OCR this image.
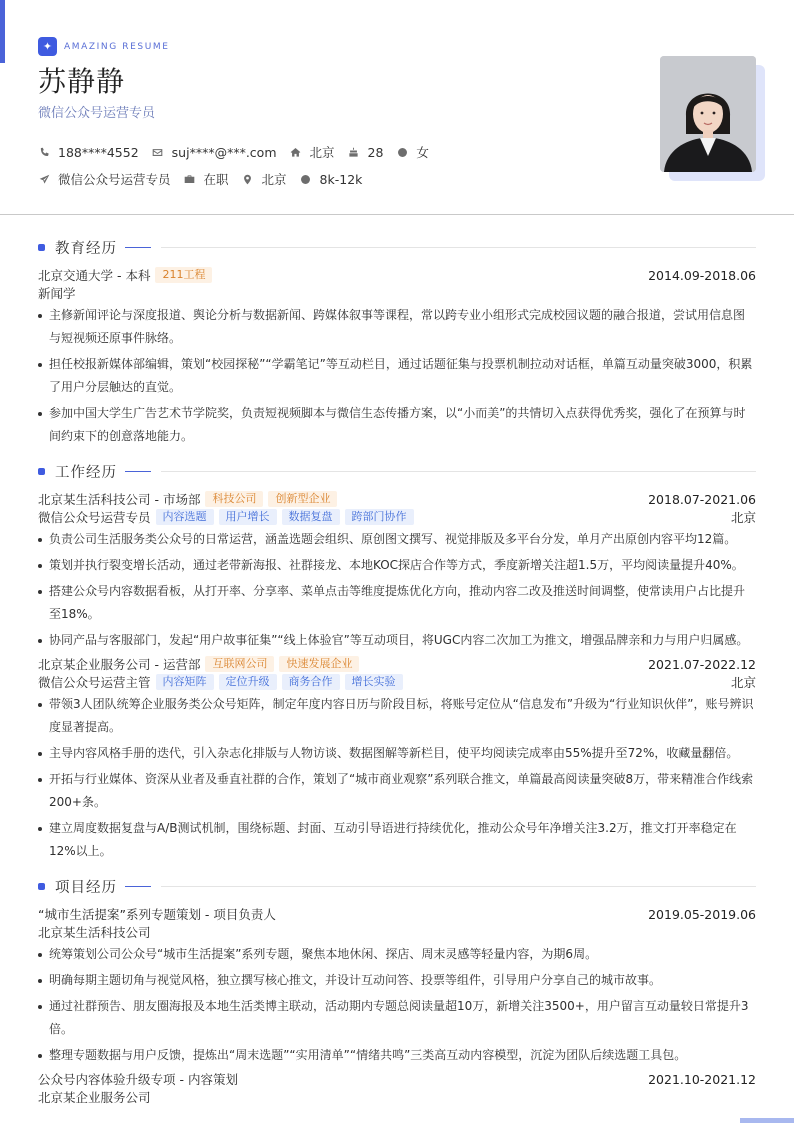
✦	AMAZING RESUME
苏静静
微信公众号运营专员
188****4552	suj****@***.com	北京	28	女
微信公众号运营专员	在职	北京	8k-12k
教育经历
北京交通大学 - 本科	211工程	2014.09-2018.06
新闻学
主修新闻评论与深度报道、舆论分析与数据新闻、跨媒体叙事等课程，常以跨专业小组形式完成校园议题的融合报道，尝试用信息图与短视频还原事件脉络。
担任校报新媒体部编辑，策划“校园探秘”“学霸笔记”等互动栏目，通过话题征集与投票机制拉动对话框，单篇互动量突破3000，积累了用户分层触达的直觉。
参加中国大学生广告艺术节学院奖，负责短视频脚本与微信生态传播方案，以“小而美”的共情切入点获得优秀奖，强化了在预算与时间约束下的创意落地能力。
工作经历
北京某生活科技公司 - 市场部	科技公司	创新型企业	2018.07-2021.06
微信公众号运营专员	内容选题	用户增长	数据复盘	跨部门协作	北京
负责公司生活服务类公众号的日常运营，涵盖选题会组织、原创图文撰写、视觉排版及多平台分发，单月产出原创内容平均12篇。
策划并执行裂变增长活动，通过老带新海报、社群接龙、本地KOC探店合作等方式，季度新增关注超1.5万，平均阅读量提升40%。
搭建公众号内容数据看板，从打开率、分享率、菜单点击等维度提炼优化方向，推动内容二改及推送时间调整，使常读用户占比提升至18%。
协同产品与客服部门，发起“用户故事征集”“线上体验官”等互动项目，将UGC内容二次加工为推文，增强品牌亲和力与用户归属感。
北京某企业服务公司 - 运营部	互联网公司	快速发展企业	2021.07-2022.12
微信公众号运营主管	内容矩阵	定位升级	商务合作	增长实验	北京
带领3人团队统筹企业服务类公众号矩阵，制定年度内容日历与阶段目标，将账号定位从“信息发布”升级为“行业知识伙伴”，账号辨识度显著提高。
主导内容风格手册的迭代，引入杂志化排版与人物访谈、数据图解等新栏目，使平均阅读完成率由55%提升至72%，收藏量翻倍。
开拓与行业媒体、资深从业者及垂直社群的合作，策划了“城市商业观察”系列联合推文，单篇最高阅读量突破8万，带来精准合作线索200+条。
建立周度数据复盘与A/B测试机制，围绕标题、封面、互动引导语进行持续优化，推动公众号年净增关注3.2万，推文打开率稳定在12%以上。
项目经历
“城市生活提案”系列专题策划 - 项目负责人	2019.05-2019.06
北京某生活科技公司
统筹策划公司公众号“城市生活提案”系列专题，聚焦本地休闲、探店、周末灵感等轻量内容，为期6周。
明确每期主题切角与视觉风格，独立撰写核心推文，并设计互动问答、投票等组件，引导用户分享自己的城市故事。
通过社群预告、朋友圈海报及本地生活类博主联动，活动期内专题总阅读量超10万，新增关注3500+，用户留言互动量较日常提升3倍。
整理专题数据与用户反馈，提炼出“周末选题”“实用清单”“情绪共鸣”三类高互动内容模型，沉淀为团队后续选题工具包。
公众号内容体验升级专项 - 内容策划	2021.10-2021.12
北京某企业服务公司
